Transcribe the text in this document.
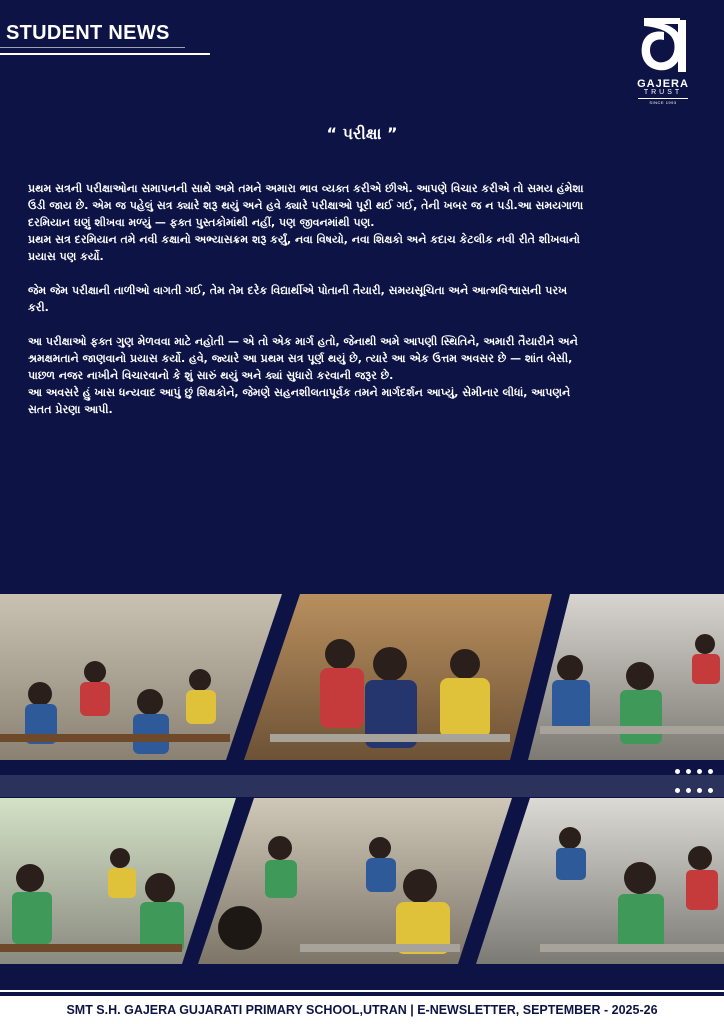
STUDENT NEWS
GAJERA
TRUST
SINCE 1993
“ પરીક્ષા ”

પ્રથમ સત્રની પરીક્ષાઓના સમાપનની સાથે અમે તમને અમારા ભાવ વ્યક્ત કરીએ છીએ. આપણે વિચાર કરીએ તો સમય હંમેશા
ઉડી જાય છે. એમ જ પહેલું સત્ર ક્યારે શરૂ થયું અને હવે ક્યારે પરીક્ષાઓ પૂરી થઈ ગઈ, તેની ખબર જ ન પડી.આ સમયગાળા
દરમિયાન ઘણું શીખવા મળ્યું — ફક્ત પુસ્તકોમાંથી નહીં, પણ જીવનમાંથી પણ.
પ્રથમ સત્ર દરમિયાન તમે નવી કક્ષાનો અભ્યાસક્રમ શરૂ કર્યું, નવા વિષયો, નવા શિક્ષકો અને કદાચ કેટલીક નવી રીતે શીખવાનો
પ્રયાસ પણ કર્યો.

જેમ જેમ પરીક્ષાની તાળીઓ વાગતી ગઈ, તેમ તેમ દરેક વિદ્યાર્થીએ પોતાની તૈયારી, સમયસૂચિતા અને આત્મવિશ્વાસની પરખ
કરી.

આ પરીક્ષાઓ ફક્ત ગુણ મેળવવા માટે નહોતી — એ તો એક માર્ગ હતો, જેનાથી અમે આપણી સ્થિતિને, અમારી તૈયારીને અને
શ્રમક્ષમતાને જાણવાનો પ્રયાસ કર્યો. હવે, જ્યારે આ પ્રથમ સત્ર પૂર્ણ થયું છે, ત્યારે આ એક ઉત્તમ અવસર છે — શાંત બેસી,
પાછળ નજર નાખીને વિચારવાનો કે શું સારું થયું અને ક્યાં સુધારો કરવાની જરૂર છે.
આ અવસરે હું ખાસ ધન્યવાદ આપું છું શિક્ષકોને, જેમણે સહનશીલતાપૂર્વક તમને માર્ગદર્શન આપ્યું, સેમીનાર લીધાં, આપણને
સતત પ્રેરણા આપી.

SMT S.H. GAJERA GUJARATI PRIMARY SCHOOL,UTRAN | E-NEWSLETTER, SEPTEMBER - 2025-26
